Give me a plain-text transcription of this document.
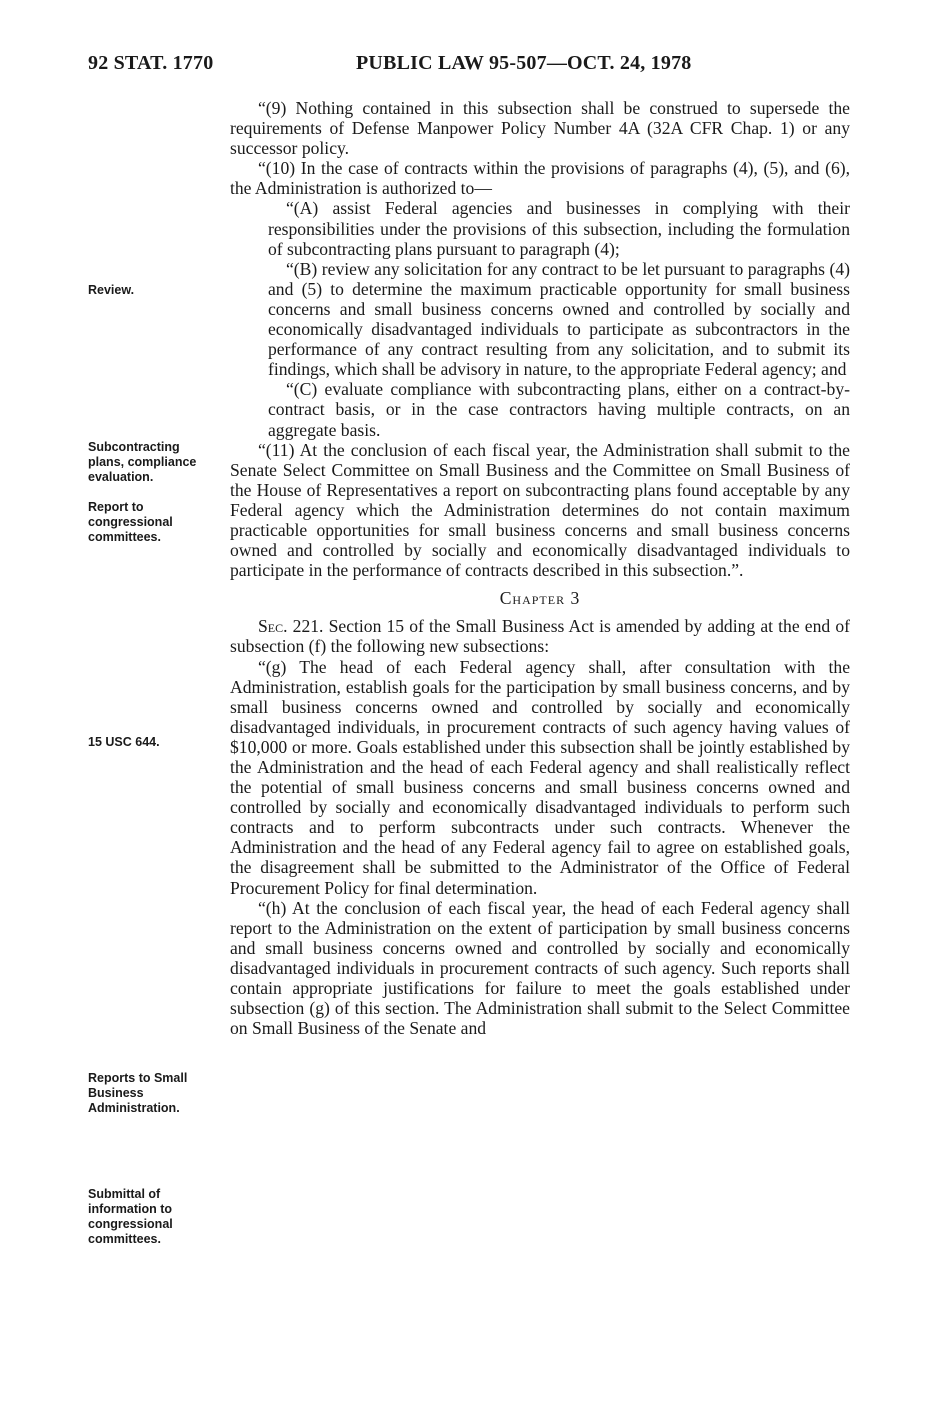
92 STAT. 1770	PUBLIC LAW 95-507—OCT. 24, 1978
Review.
Subcontracting plans, compliance evaluation.
Report to congressional committees.
15 USC 644.
Reports to Small Business Administration.
Submittal of information to congressional committees.

“(9) Nothing contained in this subsection shall be construed to supersede the requirements of Defense Manpower Policy Number 4A (32A CFR Chap. 1) or any successor policy.

“(10) In the case of contracts within the provisions of paragraphs (4), (5), and (6), the Administration is authorized to—

“(A) assist Federal agencies and businesses in complying with their responsibilities under the provisions of this subsection, including the formulation of subcontracting plans pursuant to paragraph (4);

“(B) review any solicitation for any contract to be let pursuant to paragraphs (4) and (5) to determine the maximum practicable opportunity for small business concerns and small business concerns owned and controlled by socially and economically disadvantaged individuals to participate as subcontractors in the performance of any contract resulting from any solicitation, and to submit its findings, which shall be advisory in nature, to the appropriate Federal agency; and

“(C) evaluate compliance with subcontracting plans, either on a contract-by-contract basis, or in the case contractors having multiple contracts, on an aggregate basis.

“(11) At the conclusion of each fiscal year, the Administration shall submit to the Senate Select Committee on Small Business and the Committee on Small Business of the House of Representatives a report on subcontracting plans found acceptable by any Federal agency which the Administration determines do not contain maximum practicable opportunities for small business concerns and small business concerns owned and controlled by socially and economically disadvantaged individuals to participate in the performance of contracts described in this subsection.”.

Chapter 3

Sec. 221. Section 15 of the Small Business Act is amended by adding at the end of subsection (f) the following new subsections:

“(g) The head of each Federal agency shall, after consultation with the Administration, establish goals for the participation by small business concerns, and by small business concerns owned and controlled by socially and economically disadvantaged individuals, in procurement contracts of such agency having values of $10,000 or more. Goals established under this subsection shall be jointly established by the Administration and the head of each Federal agency and shall realistically reflect the potential of small business concerns and small business concerns owned and controlled by socially and economically disadvantaged individuals to perform such contracts and to perform subcontracts under such contracts. Whenever the Administration and the head of any Federal agency fail to agree on established goals, the disagreement shall be submitted to the Administrator of the Office of Federal Procurement Policy for final determination.

“(h) At the conclusion of each fiscal year, the head of each Federal agency shall report to the Administration on the extent of participation by small business concerns and small business concerns owned and controlled by socially and economically disadvantaged individuals in procurement contracts of such agency. Such reports shall contain appropriate justifications for failure to meet the goals established under subsection (g) of this section. The Administration shall submit to the Select Committee on Small Business of the Senate and
